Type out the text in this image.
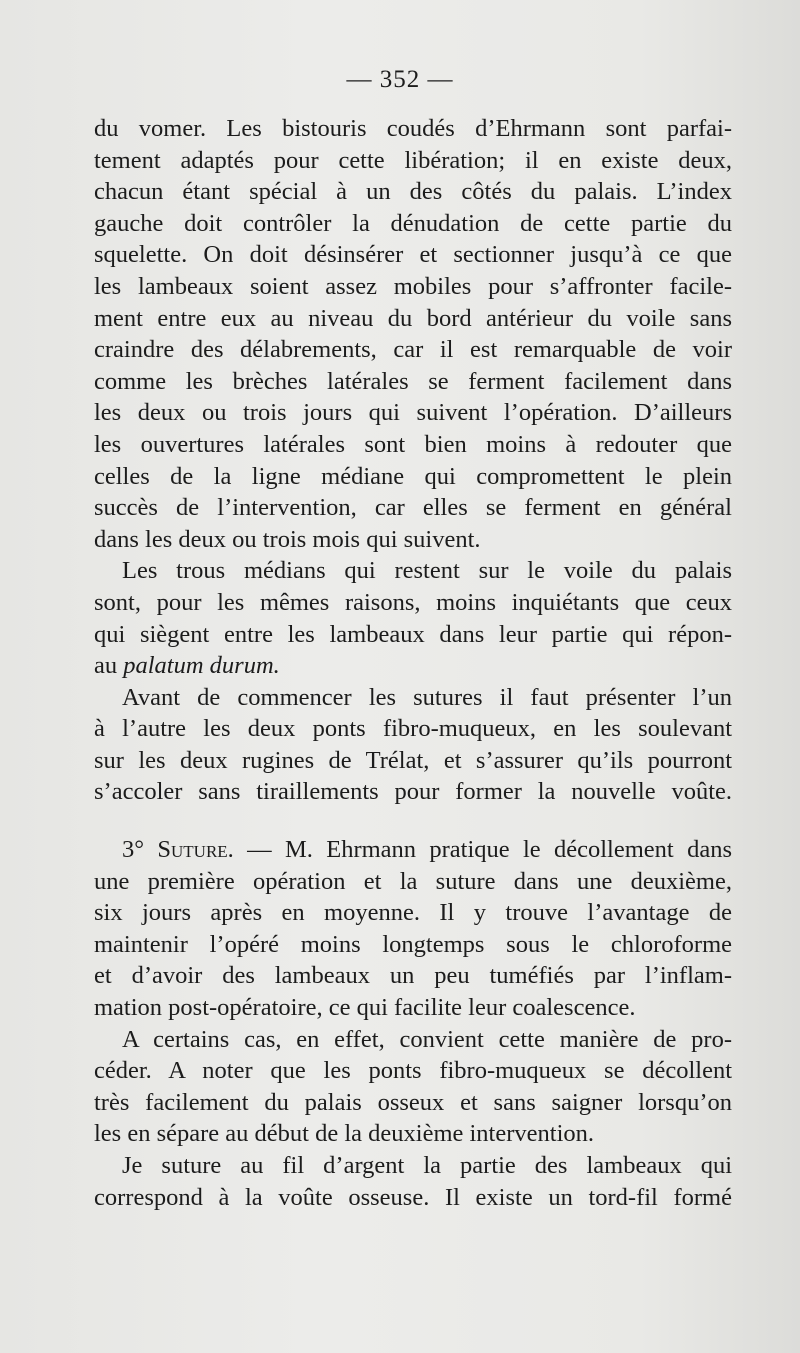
— 352 —
du vomer. Les bistouris coudés d’Ehrmann sont parfai-
tement adaptés pour cette libération; il en existe deux,
chacun étant spécial à un des côtés du palais. L’index
gauche doit contrôler la dénudation de cette partie du
squelette. On doit désinsérer et sectionner jusqu’à ce que
les lambeaux soient assez mobiles pour s’affronter facile-
ment entre eux au niveau du bord antérieur du voile sans
craindre des délabrements, car il est remarquable de voir
comme les brèches latérales se ferment facilement dans
les deux ou trois jours qui suivent l’opération. D’ailleurs
les ouvertures latérales sont bien moins à redouter que
celles de la ligne médiane qui compromettent le plein
succès de l’intervention, car elles se ferment en général
dans les deux ou trois mois qui suivent.
Les trous médians qui restent sur le voile du palais
sont, pour les mêmes raisons, moins inquiétants que ceux
qui siègent entre les lambeaux dans leur partie qui répon-
au palatum durum.
Avant de commencer les sutures il faut présenter l’un
à l’autre les deux ponts fibro-muqueux, en les soulevant
sur les deux rugines de Trélat, et s’assurer qu’ils pourront
s’accoler sans tiraillements pour former la nouvelle voûte.
3° Suture. — M. Ehrmann pratique le décollement dans
une première opération et la suture dans une deuxième,
six jours après en moyenne. Il y trouve l’avantage de
maintenir l’opéré moins longtemps sous le chloroforme
et d’avoir des lambeaux un peu tuméfiés par l’inflam-
mation post-opératoire, ce qui facilite leur coalescence.
A certains cas, en effet, convient cette manière de pro-
céder. A noter que les ponts fibro-muqueux se décollent
très facilement du palais osseux et sans saigner lorsqu’on
les en sépare au début de la deuxième intervention.
Je suture au fil d’argent la partie des lambeaux qui
correspond à la voûte osseuse. Il existe un tord-fil formé
